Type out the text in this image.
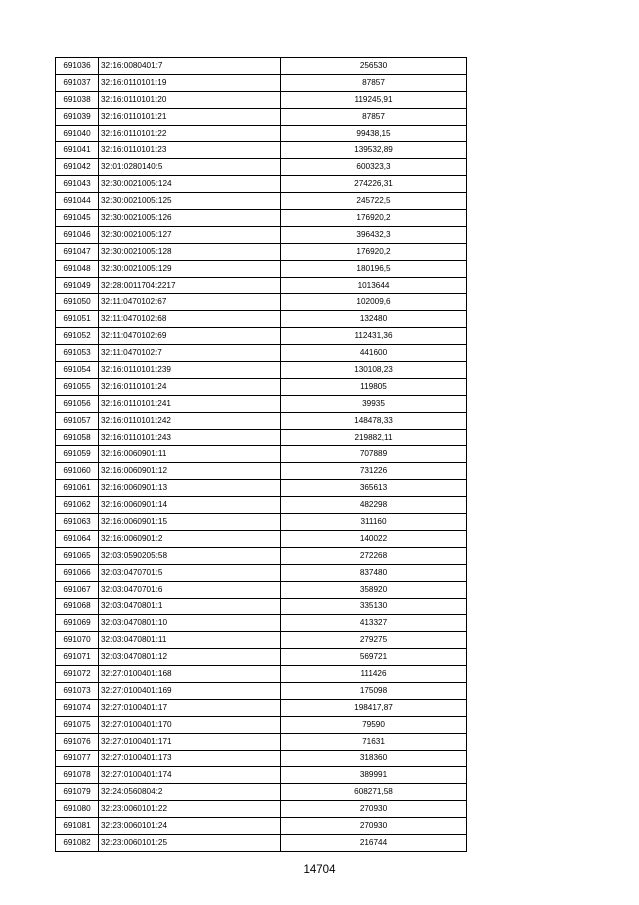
691036	32:16:0080401:7	256530
691037	32:16:0110101:19	87857
691038	32:16:0110101:20	119245,91
691039	32:16:0110101:21	87857
691040	32:16:0110101:22	99438,15
691041	32:16:0110101:23	139532,89
691042	32:01:0280140:5	600323,3
691043	32:30:0021005:124	274226,31
691044	32:30:0021005:125	245722,5
691045	32:30:0021005:126	176920,2
691046	32:30:0021005:127	396432,3
691047	32:30:0021005:128	176920,2
691048	32:30:0021005:129	180196,5
691049	32:28:0011704:2217	1013644
691050	32:11:0470102:67	102009,6
691051	32:11:0470102:68	132480
691052	32:11:0470102:69	112431,36
691053	32:11:0470102:7	441600
691054	32:16:0110101:239	130108,23
691055	32:16:0110101:24	119805
691056	32:16:0110101:241	39935
691057	32:16:0110101:242	148478,33
691058	32:16:0110101:243	219882,11
691059	32:16:0060901:11	707889
691060	32:16:0060901:12	731226
691061	32:16:0060901:13	365613
691062	32:16:0060901:14	482298
691063	32:16:0060901:15	311160
691064	32:16:0060901:2	140022
691065	32:03:0590205:58	272268
691066	32:03:0470701:5	837480
691067	32:03:0470701:6	358920
691068	32:03:0470801:1	335130
691069	32:03:0470801:10	413327
691070	32:03:0470801:11	279275
691071	32:03:0470801:12	569721
691072	32:27:0100401:168	111426
691073	32:27:0100401:169	175098
691074	32:27:0100401:17	198417,87
691075	32:27:0100401:170	79590
691076	32:27:0100401:171	71631
691077	32:27:0100401:173	318360
691078	32:27:0100401:174	389991
691079	32:24:0560804:2	608271,58
691080	32:23:0060101:22	270930
691081	32:23:0060101:24	270930
691082	32:23:0060101:25	216744
14704
